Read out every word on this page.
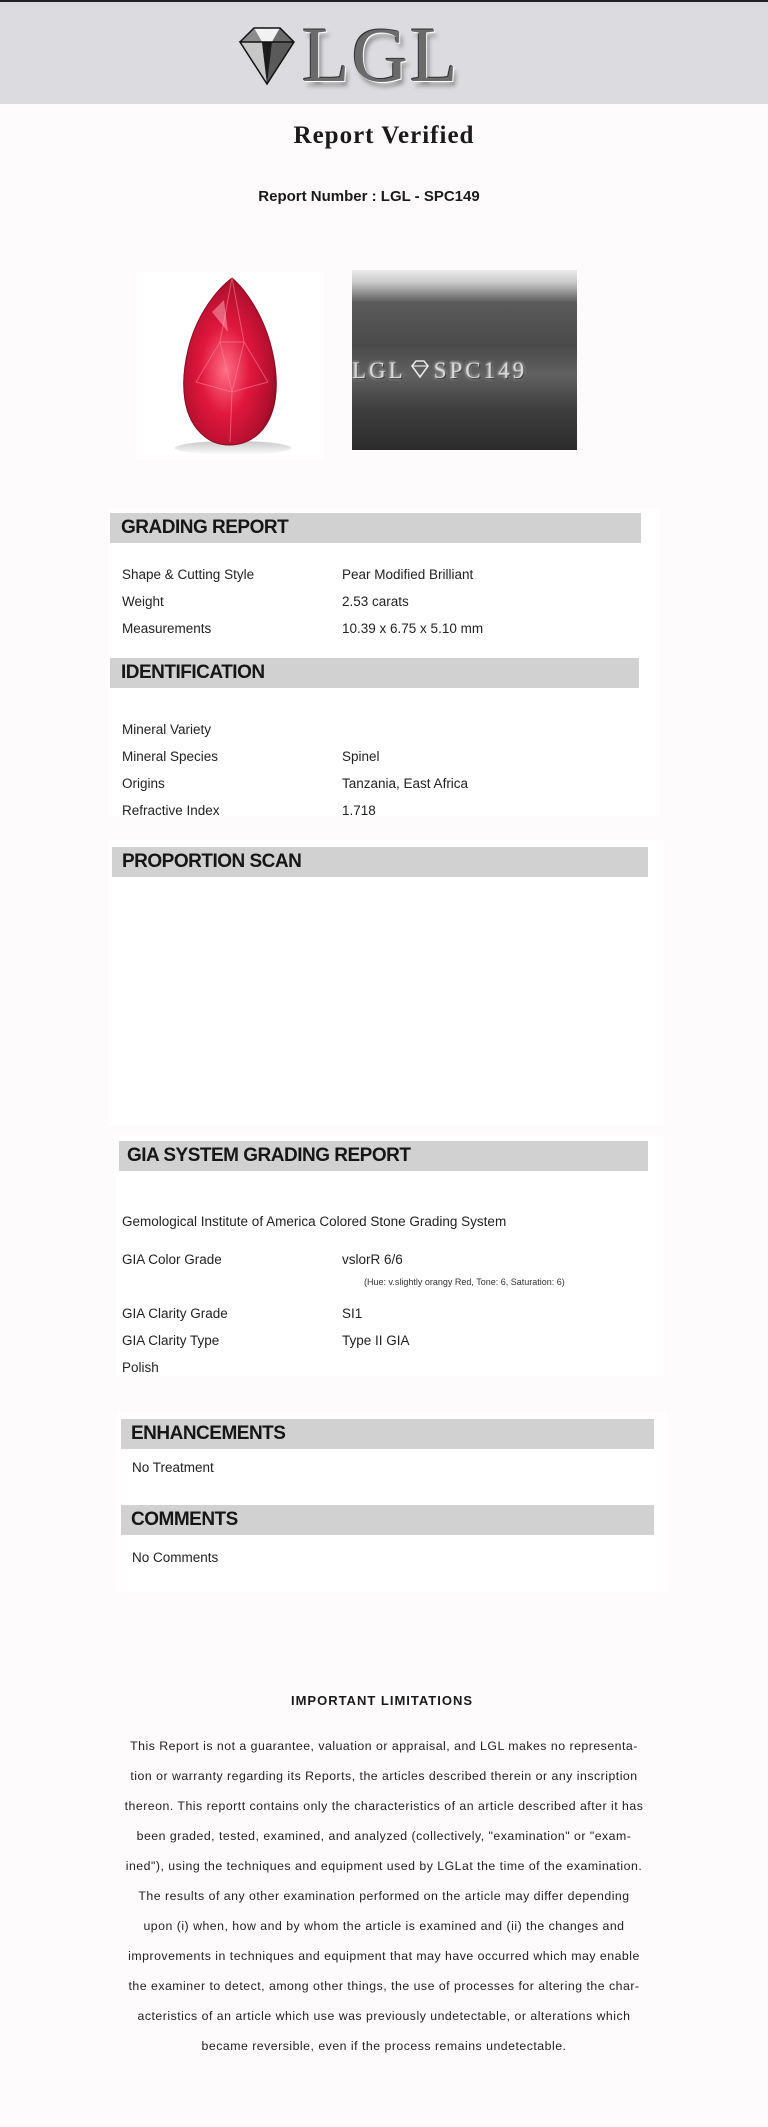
LGL
Report Verified
Report Number : LGL - SPC149
LGL SPC149
GRADING REPORT
Shape & Cutting Style	Pear Modified Brilliant
Weight	2.53 carats
Measurements	10.39 x 6.75 x 5.10 mm
IDENTIFICATION
Mineral Variety
Mineral Species	Spinel
Origins	Tanzania, East Africa
Refractive Index	1.718
PROPORTION SCAN
GIA SYSTEM GRADING REPORT
Gemological Institute of America Colored Stone Grading System
GIA Color Grade	vslorR 6/6
(Hue: v.slightly orangy Red, Tone: 6, Saturation: 6)
GIA Clarity Grade	SI1
GIA Clarity Type	Type II GIA
Polish
ENHANCEMENTS
No Treatment
COMMENTS
No Comments
IMPORTANT LIMITATIONS
This Report is not a guarantee, valuation or appraisal, and LGL makes no representa-
tion or warranty regarding its Reports, the articles described therein or any inscription
thereon. This reportt contains only the characteristics of an article described after it has
been graded, tested, examined, and analyzed (collectively, "examination" or "exam-
ined"), using the techniques and equipment used by LGLat the time of the examination.
The results of any other examination performed on the article may differ depending
upon (i) when, how and by whom the article is examined and (ii) the changes and
improvements in techniques and equipment that may have occurred which may enable
the examiner to detect, among other things, the use of processes for altering the char-
acteristics of an article which use was previously undetectable, or alterations which
became reversible, even if the process remains undetectable.
